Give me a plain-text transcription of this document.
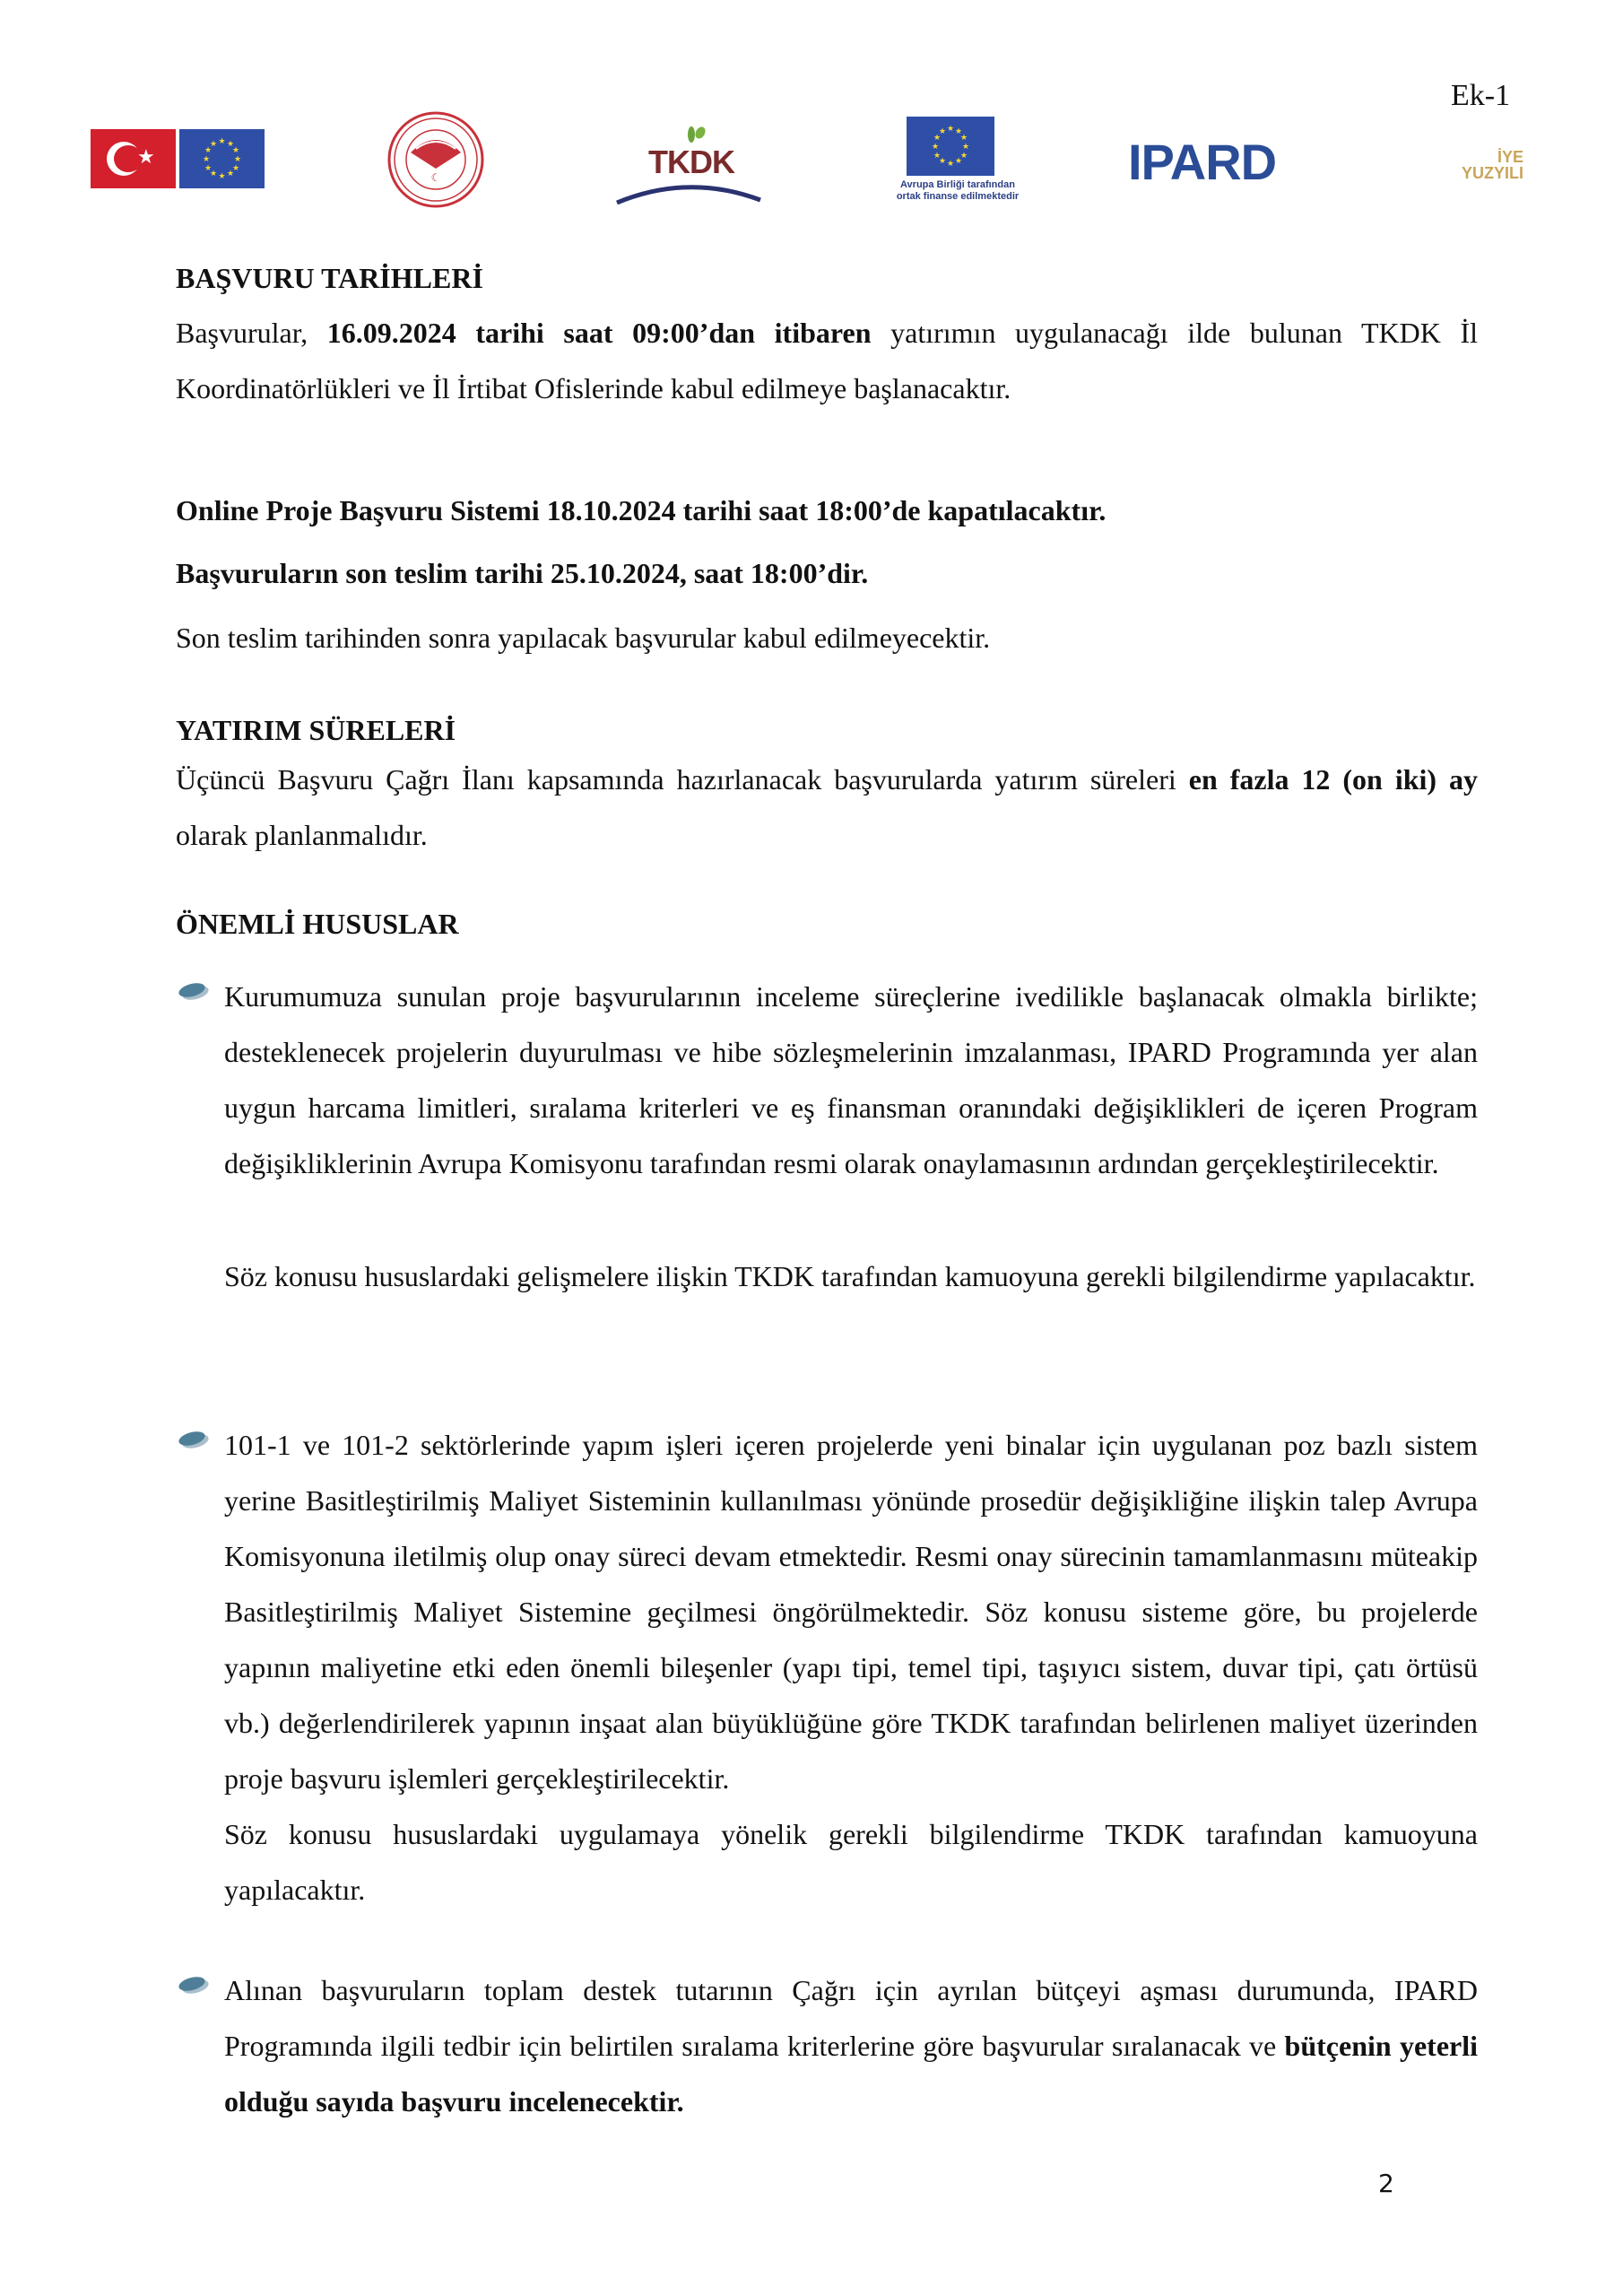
Ek-1
★
★ ★
★
★
★
★
★
★
★
★
★
★
☾	TKDK
★ ★
★
★
★
★
★
★
★
★
★
★
Avrupa Birliği tarafından
ortak finanse edilmektedir
IPARD	İYE
YUZYILI
BAŞVURU TARİHLERİ
Başvurular, 16.09.2024 tarihi saat 09:00’dan itibaren yatırımın uygulanacağı ilde bulunan TKDK İl Koordinatörlükleri ve İl İrtibat Ofislerinde kabul edilmeye başlanacaktır.
Online Proje Başvuru Sistemi 18.10.2024 tarihi saat 18:00’de kapatılacaktır.
Başvuruların son teslim tarihi 25.10.2024, saat 18:00’dir.
Son teslim tarihinden sonra yapılacak başvurular kabul edilmeyecektir.
YATIRIM SÜRELERİ
Üçüncü Başvuru Çağrı İlanı kapsamında hazırlanacak başvurularda yatırım süreleri en fazla 12 (on iki) ay olarak planlanmalıdır.
ÖNEMLİ HUSUSLAR
Kurumumuza sunulan proje başvurularının inceleme süreçlerine ivedilikle başlanacak olmakla birlikte; desteklenecek projelerin duyurulması ve hibe sözleşmelerinin imzalanması, IPARD Programında yer alan uygun harcama limitleri, sıralama kriterleri ve eş finansman oranındaki değişiklikleri de içeren Program değişikliklerinin Avrupa Komisyonu tarafından resmi olarak onaylamasının ardından gerçekleştirilecektir.
Söz konusu hususlardaki gelişmelere ilişkin TKDK tarafından kamuoyuna gerekli bilgilendirme yapılacaktır.
101-1 ve 101-2 sektörlerinde yapım işleri içeren projelerde yeni binalar için uygulanan poz bazlı sistem yerine Basitleştirilmiş Maliyet Sisteminin kullanılması yönünde prosedür değişikliğine ilişkin talep Avrupa Komisyonuna iletilmiş olup onay süreci devam etmektedir. Resmi onay sürecinin tamamlanmasını müteakip Basitleştirilmiş Maliyet Sistemine geçilmesi öngörülmektedir. Söz konusu sisteme göre, bu projelerde yapının maliyetine etki eden önemli bileşenler (yapı tipi, temel tipi, taşıyıcı sistem, duvar tipi, çatı örtüsü vb.) değerlendirilerek yapının inşaat alan büyüklüğüne göre TKDK tarafından belirlenen maliyet üzerinden proje başvuru işlemleri gerçekleştirilecektir.
Söz konusu hususlardaki uygulamaya yönelik gerekli bilgilendirme TKDK tarafından kamuoyuna yapılacaktır.
Alınan başvuruların toplam destek tutarının Çağrı için ayrılan bütçeyi aşması durumunda, IPARD Programında ilgili tedbir için belirtilen sıralama kriterlerine göre başvurular sıralanacak ve bütçenin yeterli olduğu sayıda başvuru incelenecektir.
2
